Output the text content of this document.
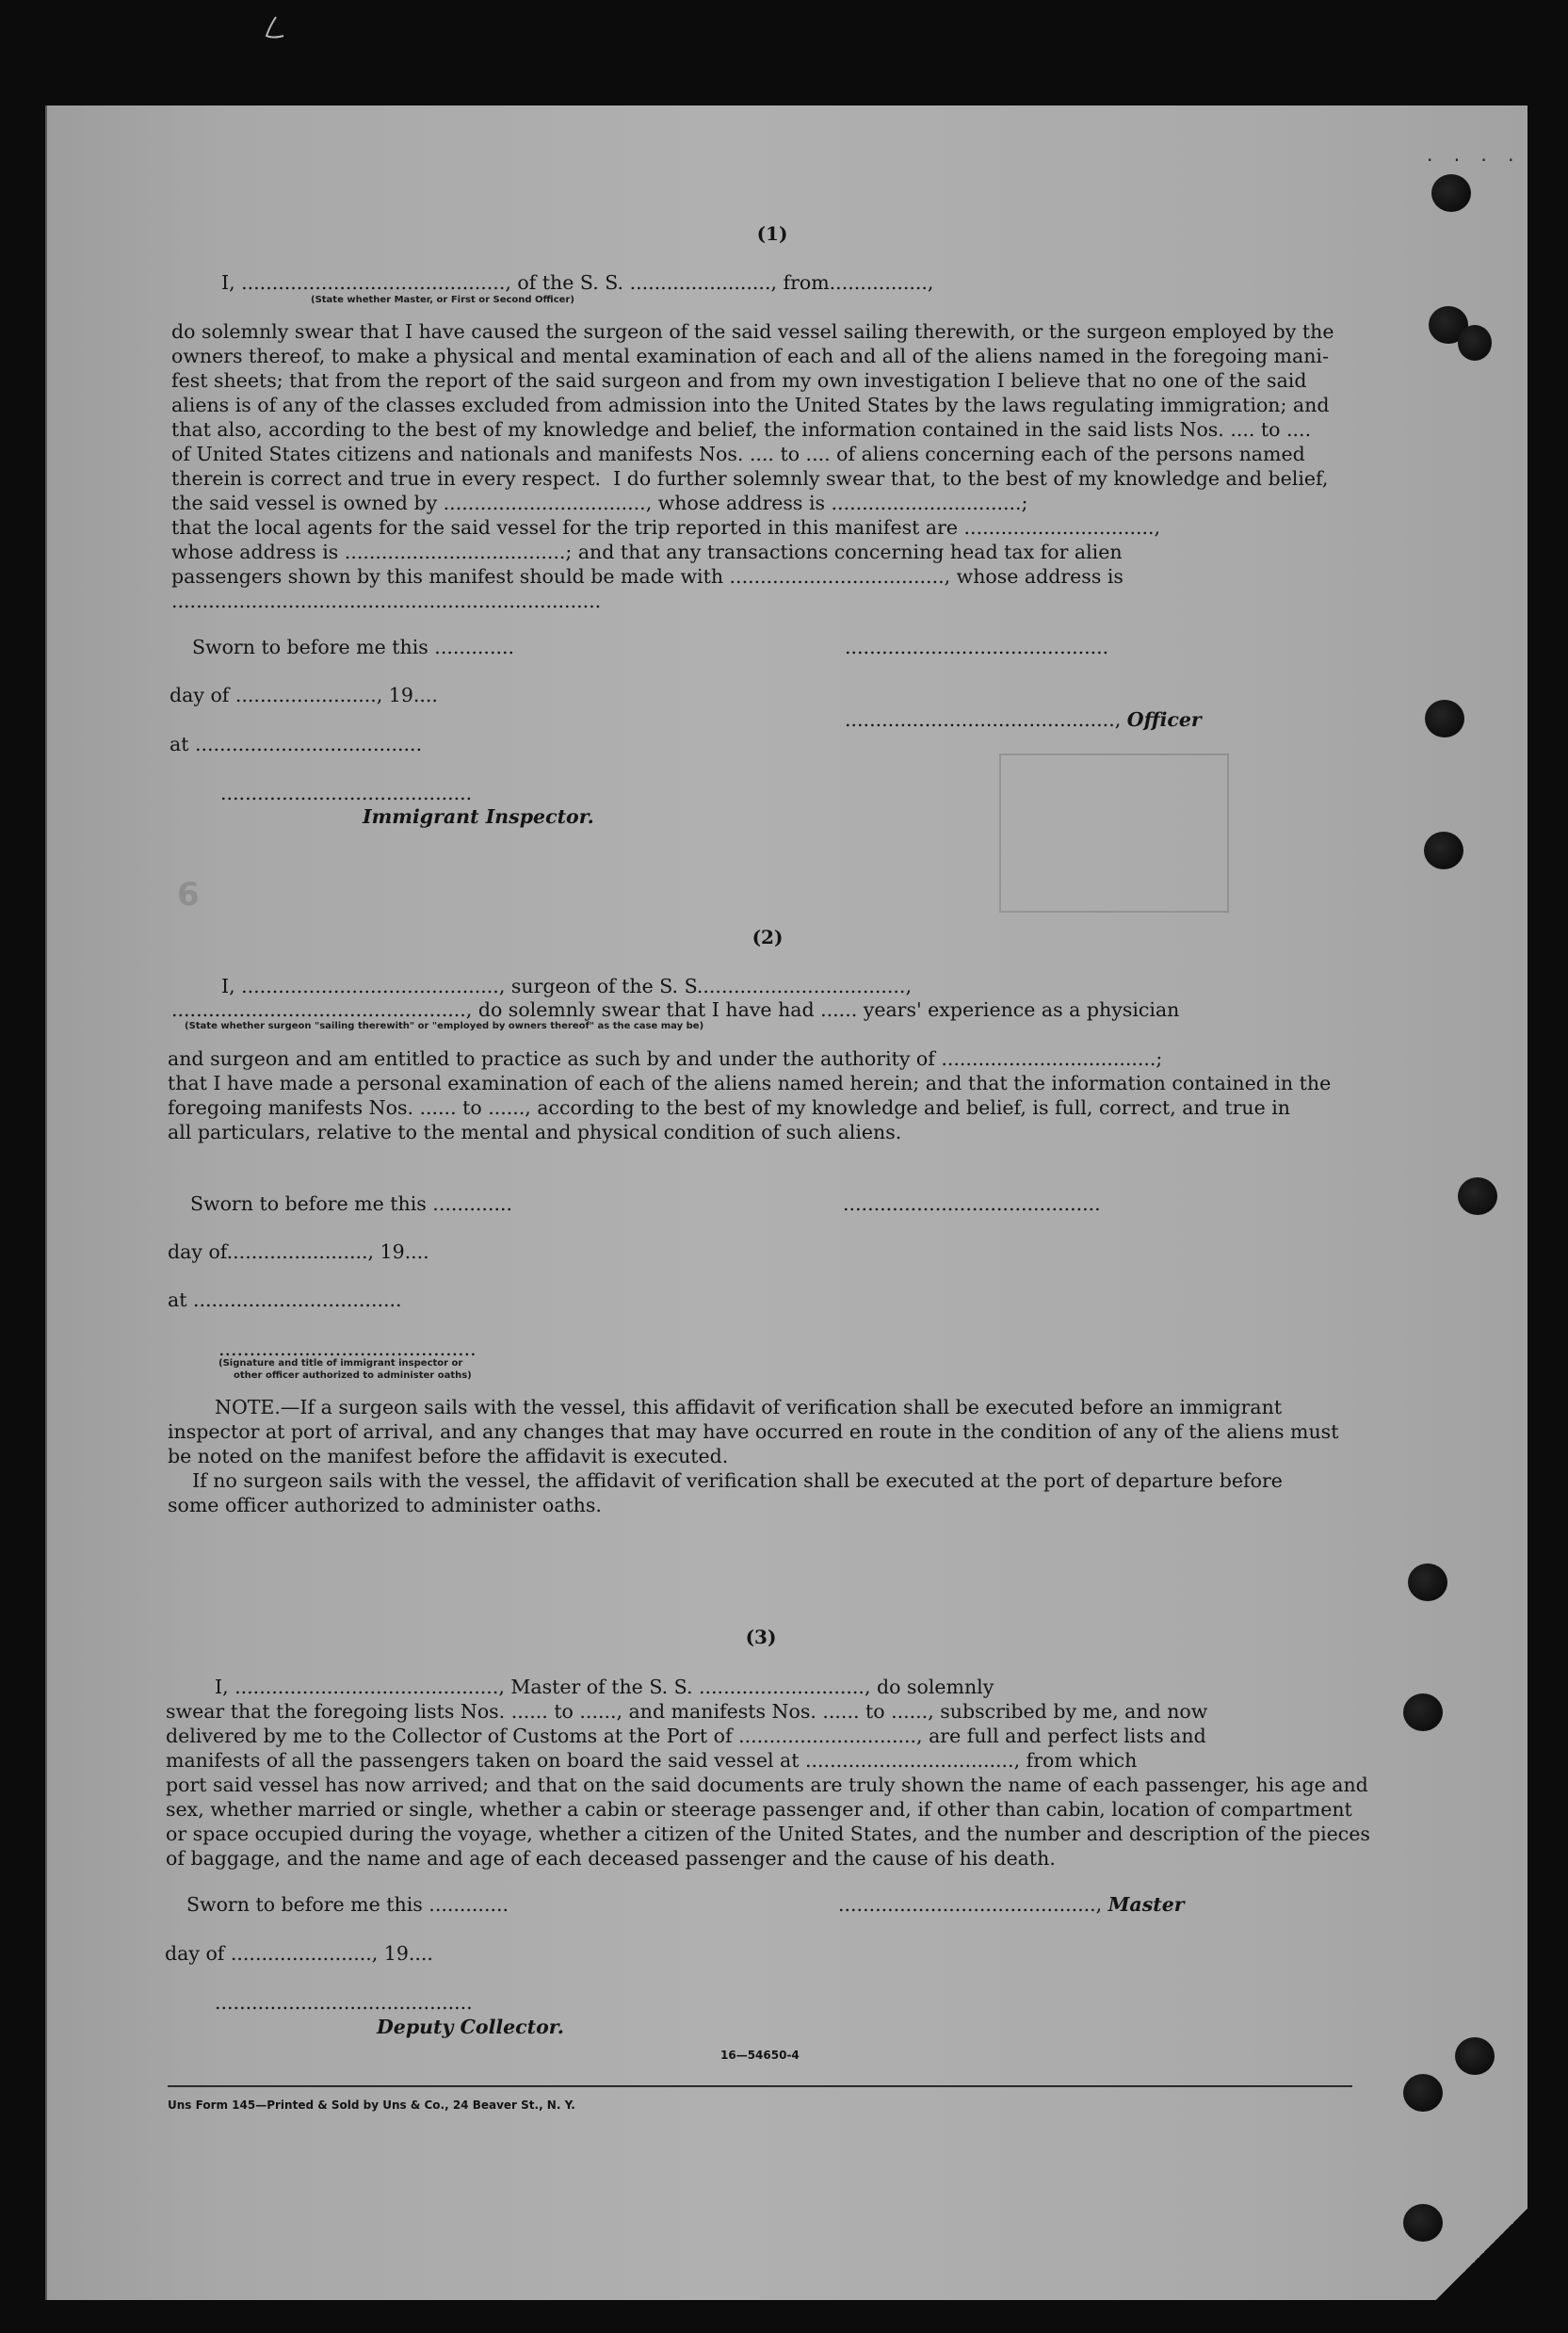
. . . .
6
(1)
I, ..........................................., of the S. S. ......................., from................,
(State whether Master, or First or Second Officer)
do solemnly swear that I have caused the surgeon of the said vessel sailing therewith, or the surgeon employed by the
owners thereof, to make a physical and mental examination of each and all of the aliens named in the foregoing mani-
fest sheets; that from the report of the said surgeon and from my own investigation I believe that no one of the said
aliens is of any of the classes excluded from admission into the United States by the laws regulating immigration; and
that also, according to the best of my knowledge and belief, the information contained in the said lists Nos. .... to ....
of United States citizens and nationals and manifests Nos. .... to .... of aliens concerning each of the persons named
therein is correct and true in every respect.  I do further solemnly swear that, to the best of my knowledge and belief,
the said vessel is owned by ................................., whose address is ...............................;
that the local agents for the said vessel for the trip reported in this manifest are ...............................,
whose address is ....................................; and that any transactions concerning head tax for alien
passengers shown by this manifest should be made with ..................................., whose address is
......................................................................
Sworn to before me this .............	...........................................
day of ......................., 19....
............................................, Officer
at .....................................
.........................................
Immigrant Inspector.
(2)
I, .........................................., surgeon of the S. S..................................,
................................................, do solemnly swear that I have had ...... years' experience as a physician
(State whether surgeon "sailing therewith" or "employed by owners thereof" as the case may be)
and surgeon and am entitled to practice as such by and under the authority of ...................................;
that I have made a personal examination of each of the aliens named herein; and that the information contained in the
foregoing manifests Nos. ...... to ......, according to the best of my knowledge and belief, is full, correct, and true in
all particulars, relative to the mental and physical condition of such aliens.
Sworn to before me this .............	..........................................
day of......................., 19....
at ..................................
..........................................
(Signature and title of immigrant inspector or
other officer authorized to administer oaths)
NOTE.—If a surgeon sails with the vessel, this affidavit of verification shall be executed before an immigrant
inspector at port of arrival, and any changes that may have occurred en route in the condition of any of the aliens must
be noted on the manifest before the affidavit is executed.
If no surgeon sails with the vessel, the affidavit of verification shall be executed at the port of departure before
some officer authorized to administer oaths.
(3)
I, ..........................................., Master of the S. S. ..........................., do solemnly
swear that the foregoing lists Nos. ...... to ......, and manifests Nos. ...... to ......, subscribed by me, and now
delivered by me to the Collector of Customs at the Port of ............................., are full and perfect lists and
manifests of all the passengers taken on board the said vessel at .................................., from which
port said vessel has now arrived; and that on the said documents are truly shown the name of each passenger, his age and
sex, whether married or single, whether a cabin or steerage passenger and, if other than cabin, location of compartment
or space occupied during the voyage, whether a citizen of the United States, and the number and description of the pieces
of baggage, and the name and age of each deceased passenger and the cause of his death.
Sworn to before me this .............	.........................................., Master
day of ......................., 19....
..........................................
Deputy Collector.
16—54650-4
Uns Form 145—Printed & Sold by Uns & Co., 24 Beaver St., N. Y.
